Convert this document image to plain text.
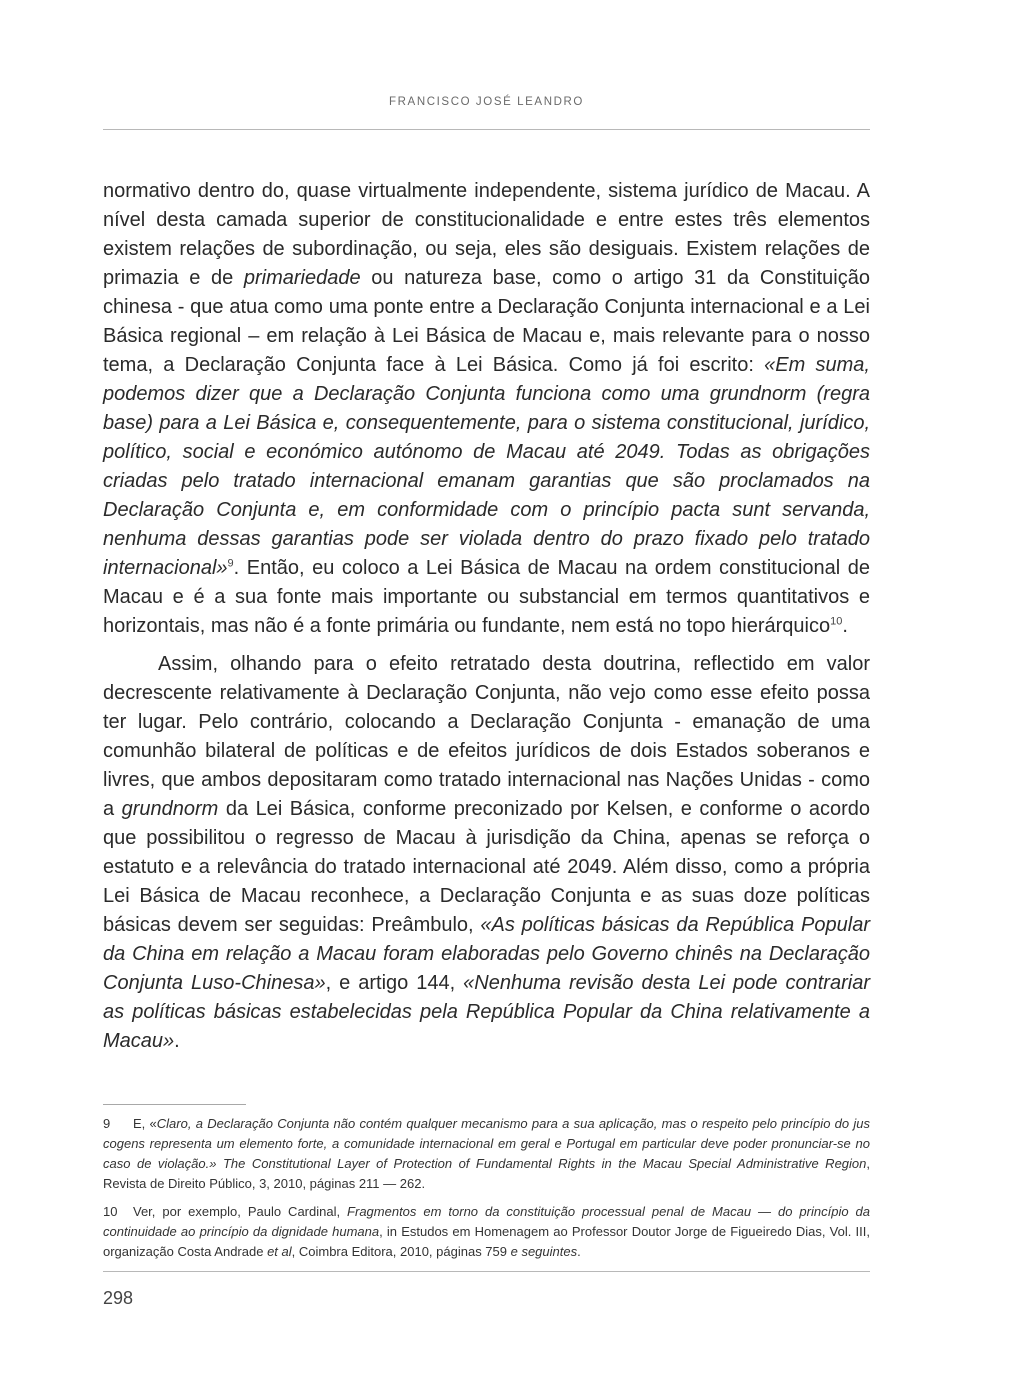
FRANCISCO JOSÉ LEANDRO

normativo dentro do, quase virtualmente independente, sistema jurídico de Macau. A nível desta camada superior de constitucionalidade e entre estes três elementos existem relações de subordinação, ou seja, eles são desiguais. Existem relações de primazia e de primariedade ou natureza base, como o artigo 31 da Constituição chinesa - que atua como uma ponte entre a Declaração Conjunta internacional e a Lei Básica regional – em relação à Lei Básica de Macau e, mais relevante para o nosso tema, a Declaração Conjunta face à Lei Básica. Como já foi escrito: «Em suma, podemos dizer que a Declaração Conjunta funciona como uma grundnorm (regra base) para a Lei Básica e, consequentemente, para o sistema constitucional, jurídico, político, social e económico autónomo de Macau até 2049. Todas as obrigações criadas pelo tratado internacional emanam garantias que são proclamados na Declaração Conjunta e, em conformidade com o princípio pacta sunt servanda, nenhuma dessas garantias pode ser violada dentro do prazo fixado pelo tratado internacional»$^9$. Então, eu coloco a Lei Básica de Macau na ordem constitucional de Macau e é a sua fonte mais importante ou substancial em termos quantitativos e horizontais, mas não é a fonte primária ou fundante, nem está no topo hierárquico$^{10}$.

Assim, olhando para o efeito retratado desta doutrina, reflectido em valor decrescente relativamente à Declaração Conjunta, não vejo como esse efeito possa ter lugar. Pelo contrário, colocando a Declaração Conjunta - emanação de uma comunhão bilateral de políticas e de efeitos jurídicos de dois Estados soberanos e livres, que ambos depositaram como tratado internacional nas Nações Unidas - como a grundnorm da Lei Básica, conforme preconizado por Kelsen, e conforme o acordo que possibilitou o regresso de Macau à jurisdição da China, apenas se reforça o estatuto e a relevância do tratado internacional até 2049. Além disso, como a própria Lei Básica de Macau reconhece, a Declaração Conjunta e as suas doze políticas básicas devem ser seguidas: Preâmbulo, «As políticas básicas da República Popular da China em relação a Macau foram elaboradas pelo Governo chinês na Declaração Conjunta Luso-Chinesa», e artigo 144, «Nenhuma revisão desta Lei pode contrariar as políticas básicas estabelecidas pela República Popular da China relativamente a Macau».

9 E, «Claro, a Declaração Conjunta não contém qualquer mecanismo para a sua aplicação, mas o respeito pelo princípio do jus cogens representa um elemento forte, a comunidade internacional em geral e Portugal em particular deve poder pronunciar-se no caso de violação.» The Constitutional Layer of Protection of Fundamental Rights in the Macau Special Administrative Region, Revista de Direito Público, 3, 2010, páginas 211 — 262.

10 Ver, por exemplo, Paulo Cardinal, Fragmentos em torno da constituição processual penal de Macau — do princípio da continuidade ao princípio da dignidade humana, in Estudos em Homenagem ao Professor Doutor Jorge de Figueiredo Dias, Vol. III, organização Costa Andrade et al, Coimbra Editora, 2010, páginas 759 e seguintes.

298
